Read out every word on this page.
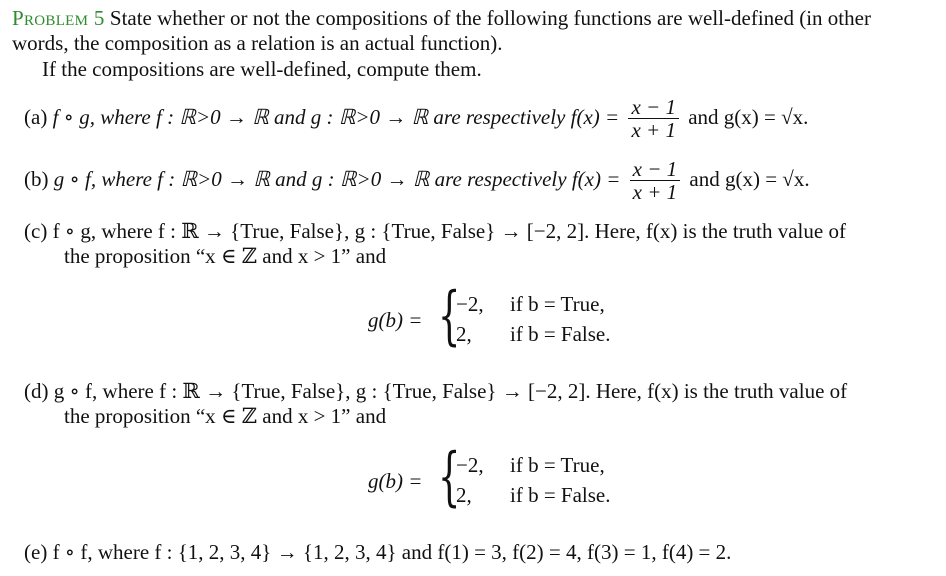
Problem 5 State whether or not the compositions of the following functions are well-defined (in other
words, the composition as a relation is an actual function).
If the compositions are well-defined, compute them.
(a) f ∘ g, where f : ℝ>0 → ℝ and g : ℝ>0 → ℝ are respectively $f(x) = \frac{x - 1}{x + 1}$ and g(x) = √x.
(b) g ∘ f, where f : ℝ>0 → ℝ and g : ℝ>0 → ℝ are respectively $f(x) = \frac{x - 1}{x + 1}$ and g(x) = √x.
(c) f ∘ g, where f : ℝ → {True, False}, g : {True, False} → [−2, 2]. Here, f(x) is the truth value of
the proposition “x ∈ ℤ and x > 1” and
g(b) = {
−2, if b = True,
2, if b = False.
(d) g ∘ f, where f : ℝ → {True, False}, g : {True, False} → [−2, 2]. Here, f(x) is the truth value of
the proposition “x ∈ ℤ and x > 1” and
g(b) = {
−2, if b = True,
2, if b = False.
(e) f ∘ f, where f : {1, 2, 3, 4} → {1, 2, 3, 4} and f(1) = 3, f(2) = 4, f(3) = 1, f(4) = 2.
